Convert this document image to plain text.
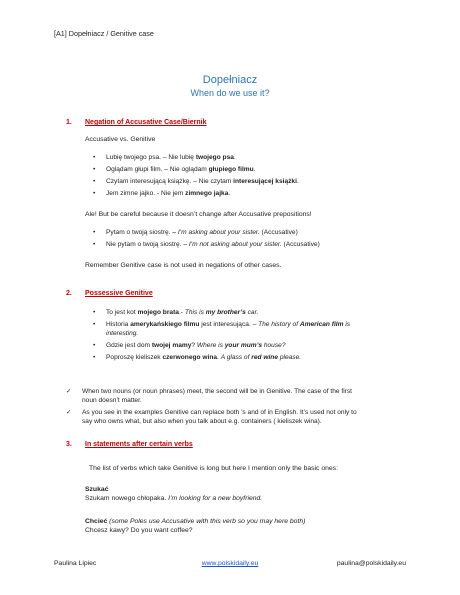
[A1] Dopełniacz / Genitive case
Dopełniacz
When do we use it?
1. Negation of Accusative Case/Biernik
Accusative vs. Genitive
• Lubię twojego psa. – Nie lubię twojego psa.
• Oglądam głupi film. – Nie oglądam głupiego filmu.
• Czytam interesującą książkę. – Nie czytam interesującej książki.
• Jem zimne jajko. - Nie jem zimnego jajka.
Ale! But be careful because it doesn’t change after Accusative prepositions!
• Pytam o twoją siostrę. – I’m asking about your sister. (Accusative)
• Nie pytam o twoją siostrę. – I’m not asking about your sister. (Accusative)
Remember Genitive case is not used in negations of other cases.
2. Possessive Genitive
• To jest kot mojego brata.- This is my brother’s car.
• Historia amerykańskiego filmu jest interesująca. – The history of American film is
interesting.
• Gdzie jest dom twojej mamy? Where is your mum’s house?
• Poproszę kieliszek czerwonego wina. A glass of red wine please.
✓ When two nouns (or noun phrases) meet, the second will be in Genitive. The case of the first
noun doesn’t matter.
✓ As you see in the examples Genitive can replace both ’s and of in English. It’s used not only to
say who owns what, but also when you talk about e.g. containers ( kieliszek wina).
3. In statements after certain verbs
The list of verbs which take Genitive is long but here I mention only the basic ones:
Szukać
Szukam nowego chłopaka. I’m looking for a new boyfriend.
Chcieć (some Poles use Accusative with this verb so you may here both)
Chcesz kawy? Do you want coffee?
Paulina Lipiec	www.polskidaily.eu	paulina@polskidaily.eu
